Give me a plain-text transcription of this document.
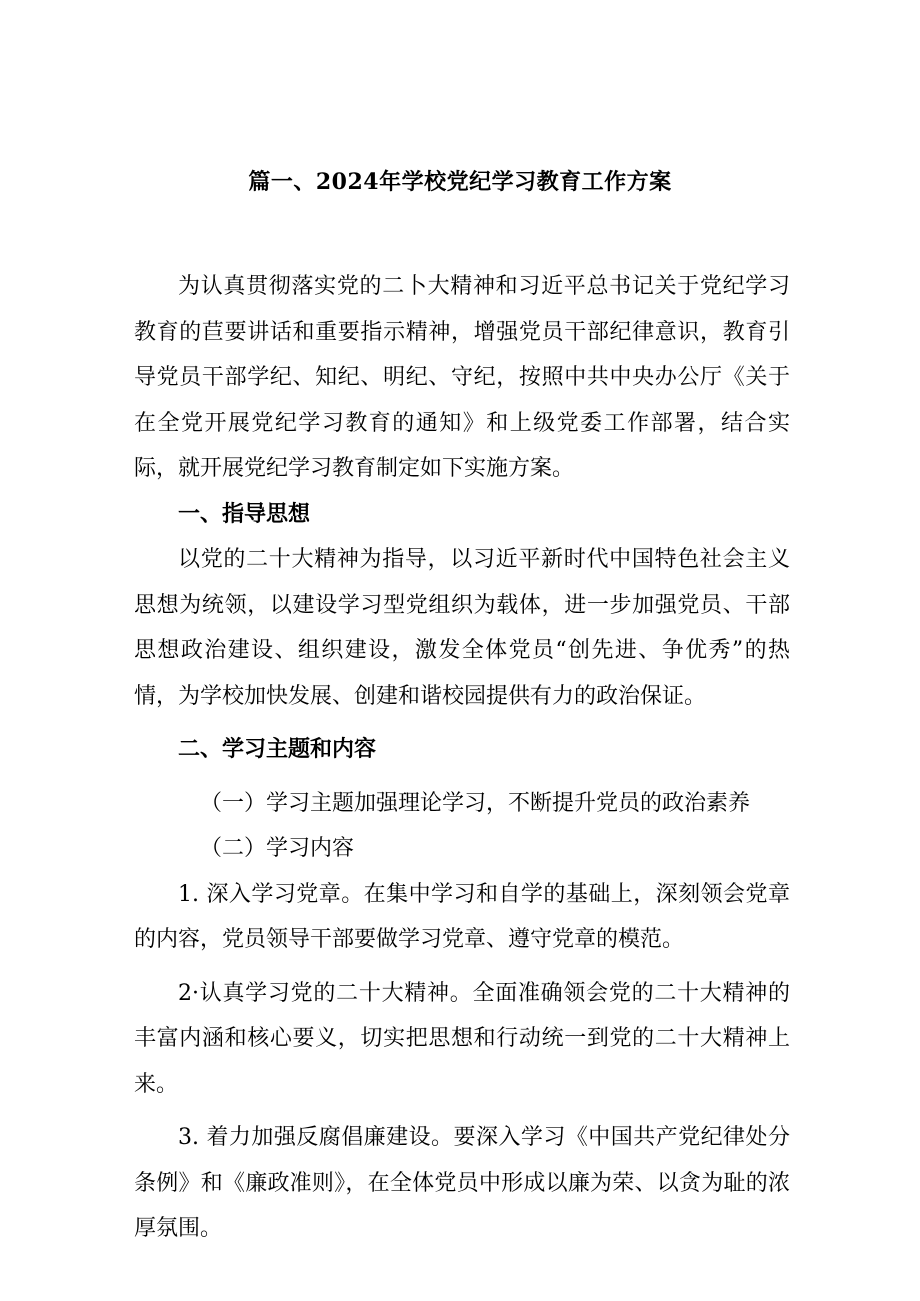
篇一、2024年学校党纪学习教育工作方案

为认真贯彻落实党的二卜大精神和习近平总书记关于党纪学习教育的苣要讲话和重要指示精神，增强党员干部纪律意识，教育引导党员干部学纪、知纪、明纪、守纪，按照中共中央办公厅《关于在全党开展党纪学习教育的通知》和上级党委工作部署，结合实际，就开展党纪学习教育制定如下实施方案。

一、指导思想

以党的二十大精神为指导，以习近平新时代中国特色社会主义思想为统领，以建设学习型党组织为载体，进一步加强党员、干部思想政治建设、组织建设，激发全体党员“创先进、争优秀”的热情，为学校加快发展、创建和谐校园提供有力的政治保证。

二、学习主题和内容

（一）学习主题加强理论学习，不断提升党员的政治素养

（二）学习内容

1. 深入学习党章。在集中学习和自学的基础上，深刻领会党章的内容，党员领导干部要做学习党章、遵守党章的模范。

2·认真学习党的二十大精神。全面准确领会党的二十大精神的丰富内涵和核心要义，切实把思想和行动统一到党的二十大精神上来。

3. 着力加强反腐倡廉建设。要深入学习《中国共产党纪律处分条例》和《廉政准则》，在全体党员中形成以廉为荣、以贪为耻的浓厚氛围。
